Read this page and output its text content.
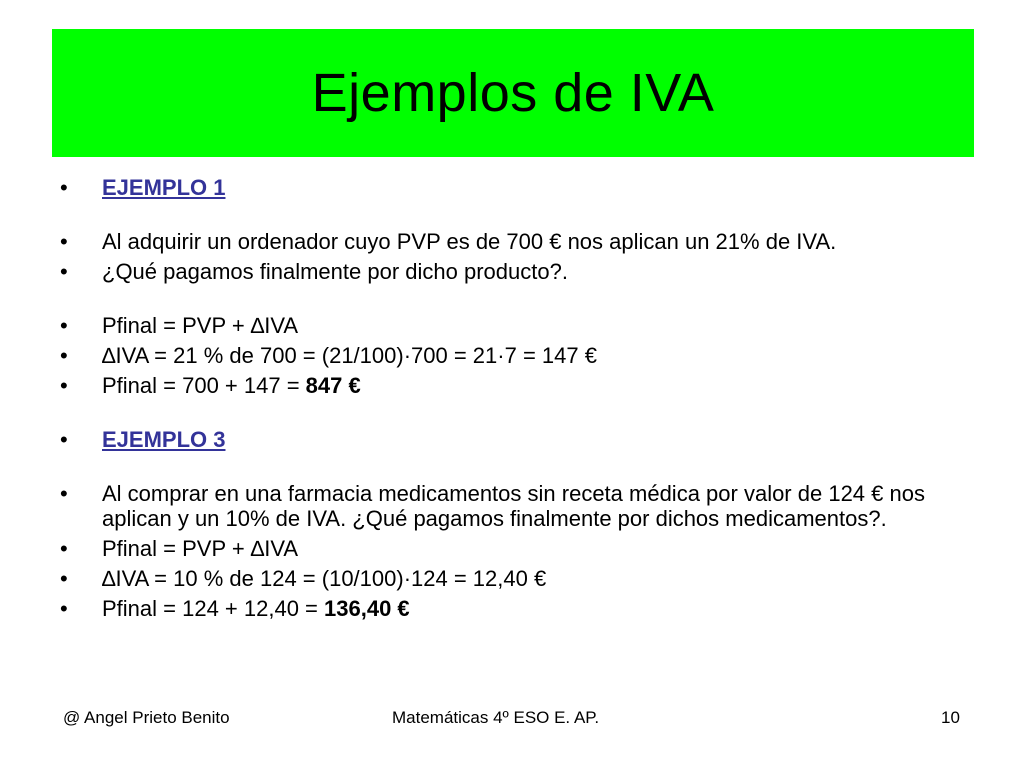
Ejemplos de IVA
• EJEMPLO 1
• Al adquirir un ordenador cuyo PVP es de 700 € nos aplican un 21% de IVA.
• ¿Qué pagamos finalmente por dicho producto?.
• Pfinal = PVP + ∆IVA
• ∆IVA = 21 % de 700 = (21/100)·700 = 21·7 = 147 €
• Pfinal = 700 + 147 = 847 €
• EJEMPLO 3
• Al comprar en una farmacia medicamentos sin receta médica por valor de 124 € nos aplican y un 10% de IVA. ¿Qué pagamos finalmente por dichos medicamentos?.
• Pfinal = PVP + ∆IVA
• ∆IVA = 10 % de 124 = (10/100)·124 = 12,40 €
• Pfinal = 124 + 12,40 = 136,40 €
@ Angel Prieto Benito	Matemáticas 4º ESO E. AP.	10
